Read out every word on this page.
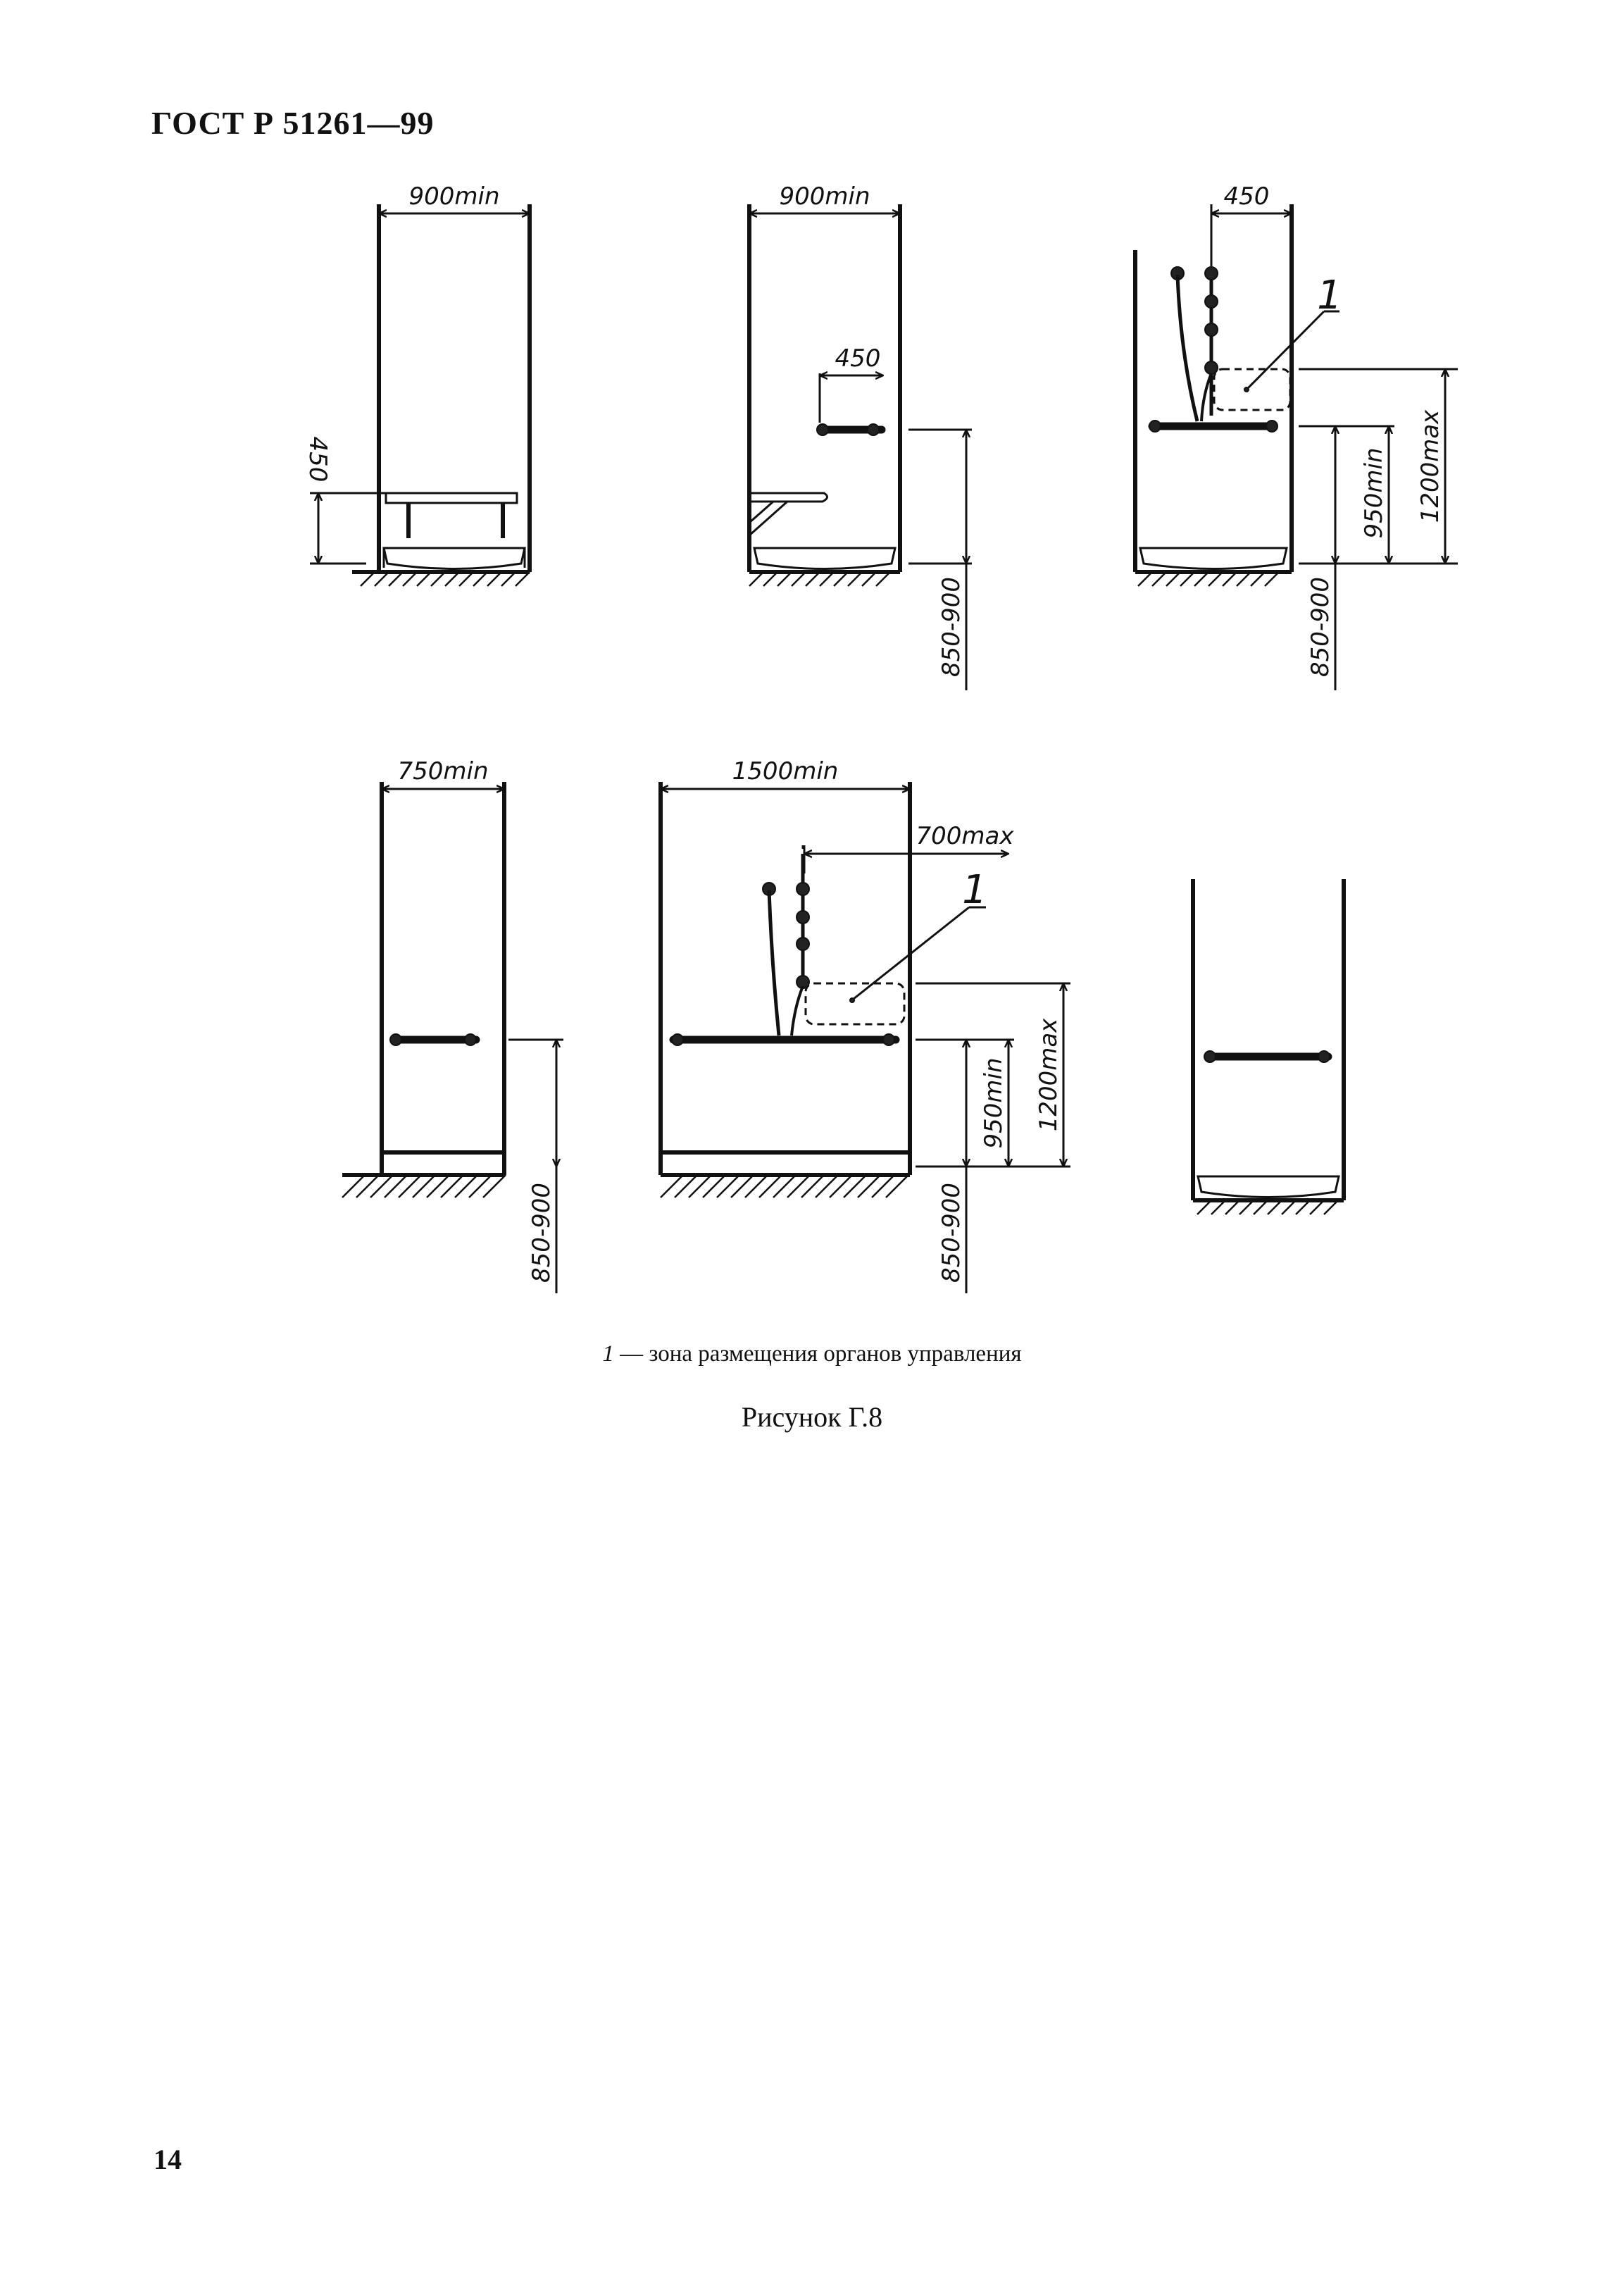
ГОСТ Р 51261—99
900min
450
900min
450
850-900
450
1
850-900
950min 1200max
750min
850-900
1500min
1
700max
850-900
950min 1200max
1 — зона размещения органов управления
Рисунок Г.8
14
